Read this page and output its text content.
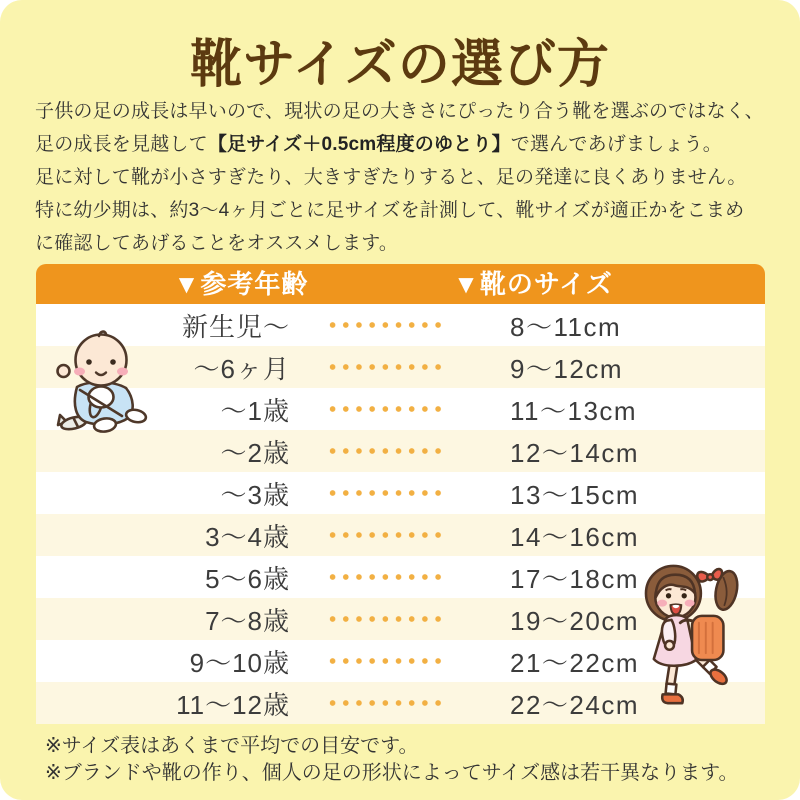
靴サイズの選び方
子供の足の成長は早いので、現状の足の大きさにぴったり合う靴を選ぶのではなく、
足の成長を見越して【足サイズ＋0.5cm程度のゆとり】で選んであげましょう。
足に対して靴が小さすぎたり、大きすぎたりすると、足の発達に良くありません。
特に幼少期は、約3〜4ヶ月ごとに足サイズを計測して、靴サイズが適正かをこまめ
に確認してあげることをオススメします。
▼参考年齢	▼靴のサイズ
新生児〜	8〜11cm
〜6ヶ月	9〜12cm
〜1歳	11〜13cm
〜2歳	12〜14cm
〜3歳	13〜15cm
3〜4歳	14〜16cm
5〜6歳	17〜18cm
7〜8歳	19〜20cm
9〜10歳	21〜22cm
11〜12歳	22〜24cm
※サイズ表はあくまで平均での目安です。
※ブランドや靴の作り、個人の足の形状によってサイズ感は若干異なります。
